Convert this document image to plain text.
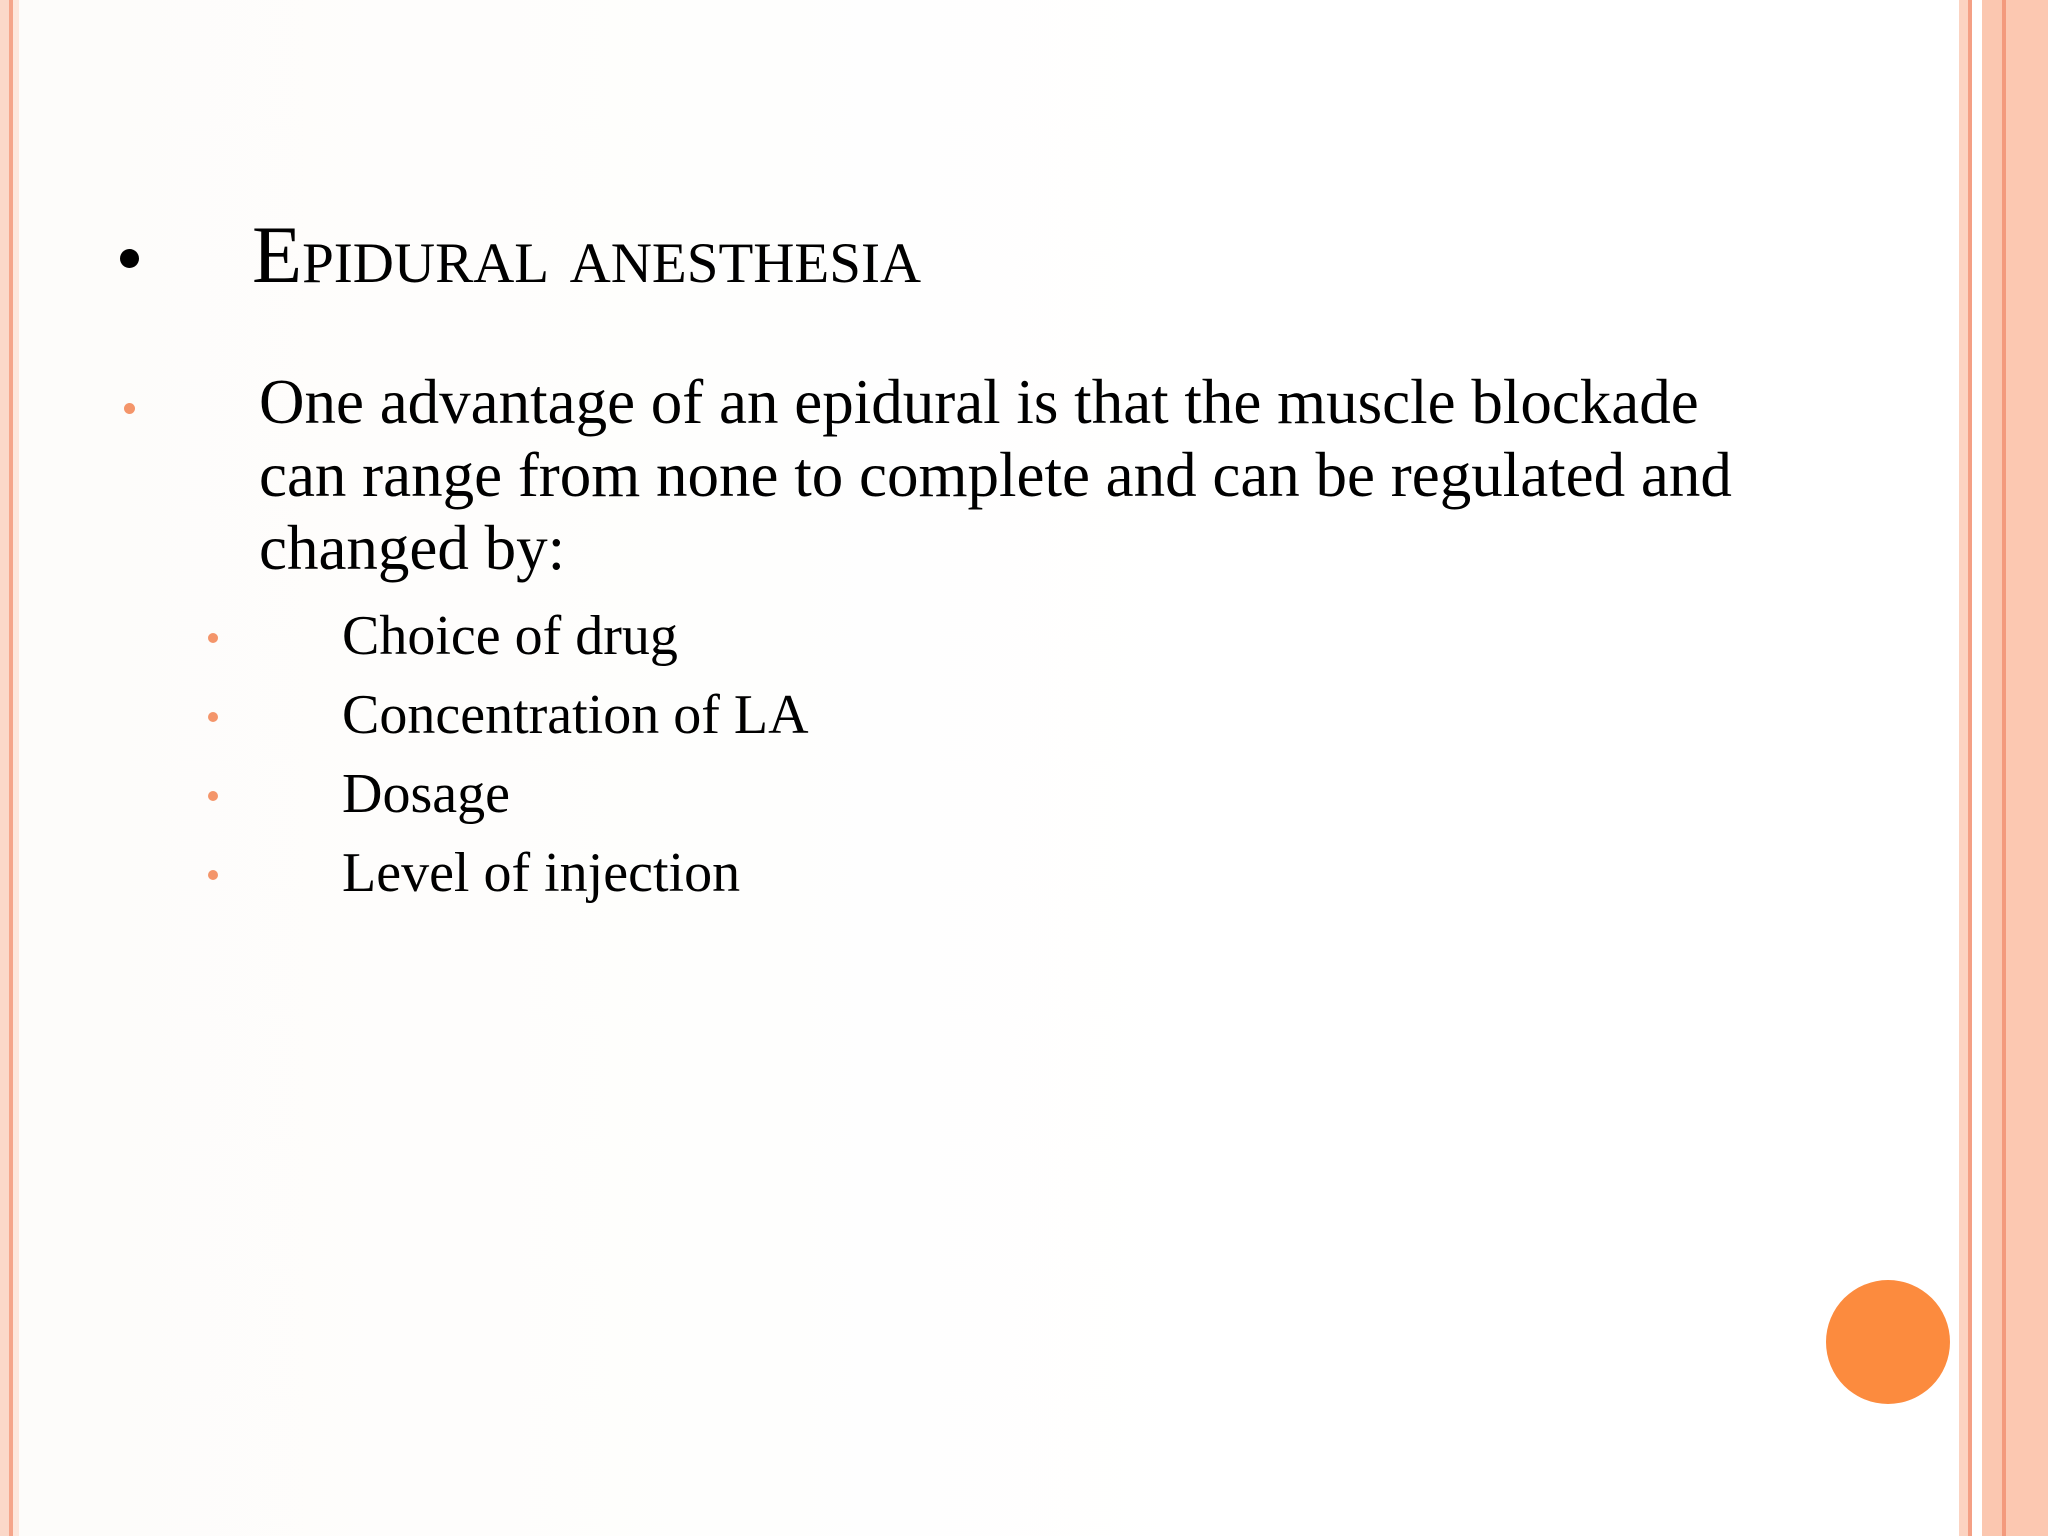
Epidural anesthesia
One advantage of an epidural is that the muscle blockade can range from none to complete and can be regulated and changed by:
Choice of drug
Concentration of LA
Dosage
Level of injection
